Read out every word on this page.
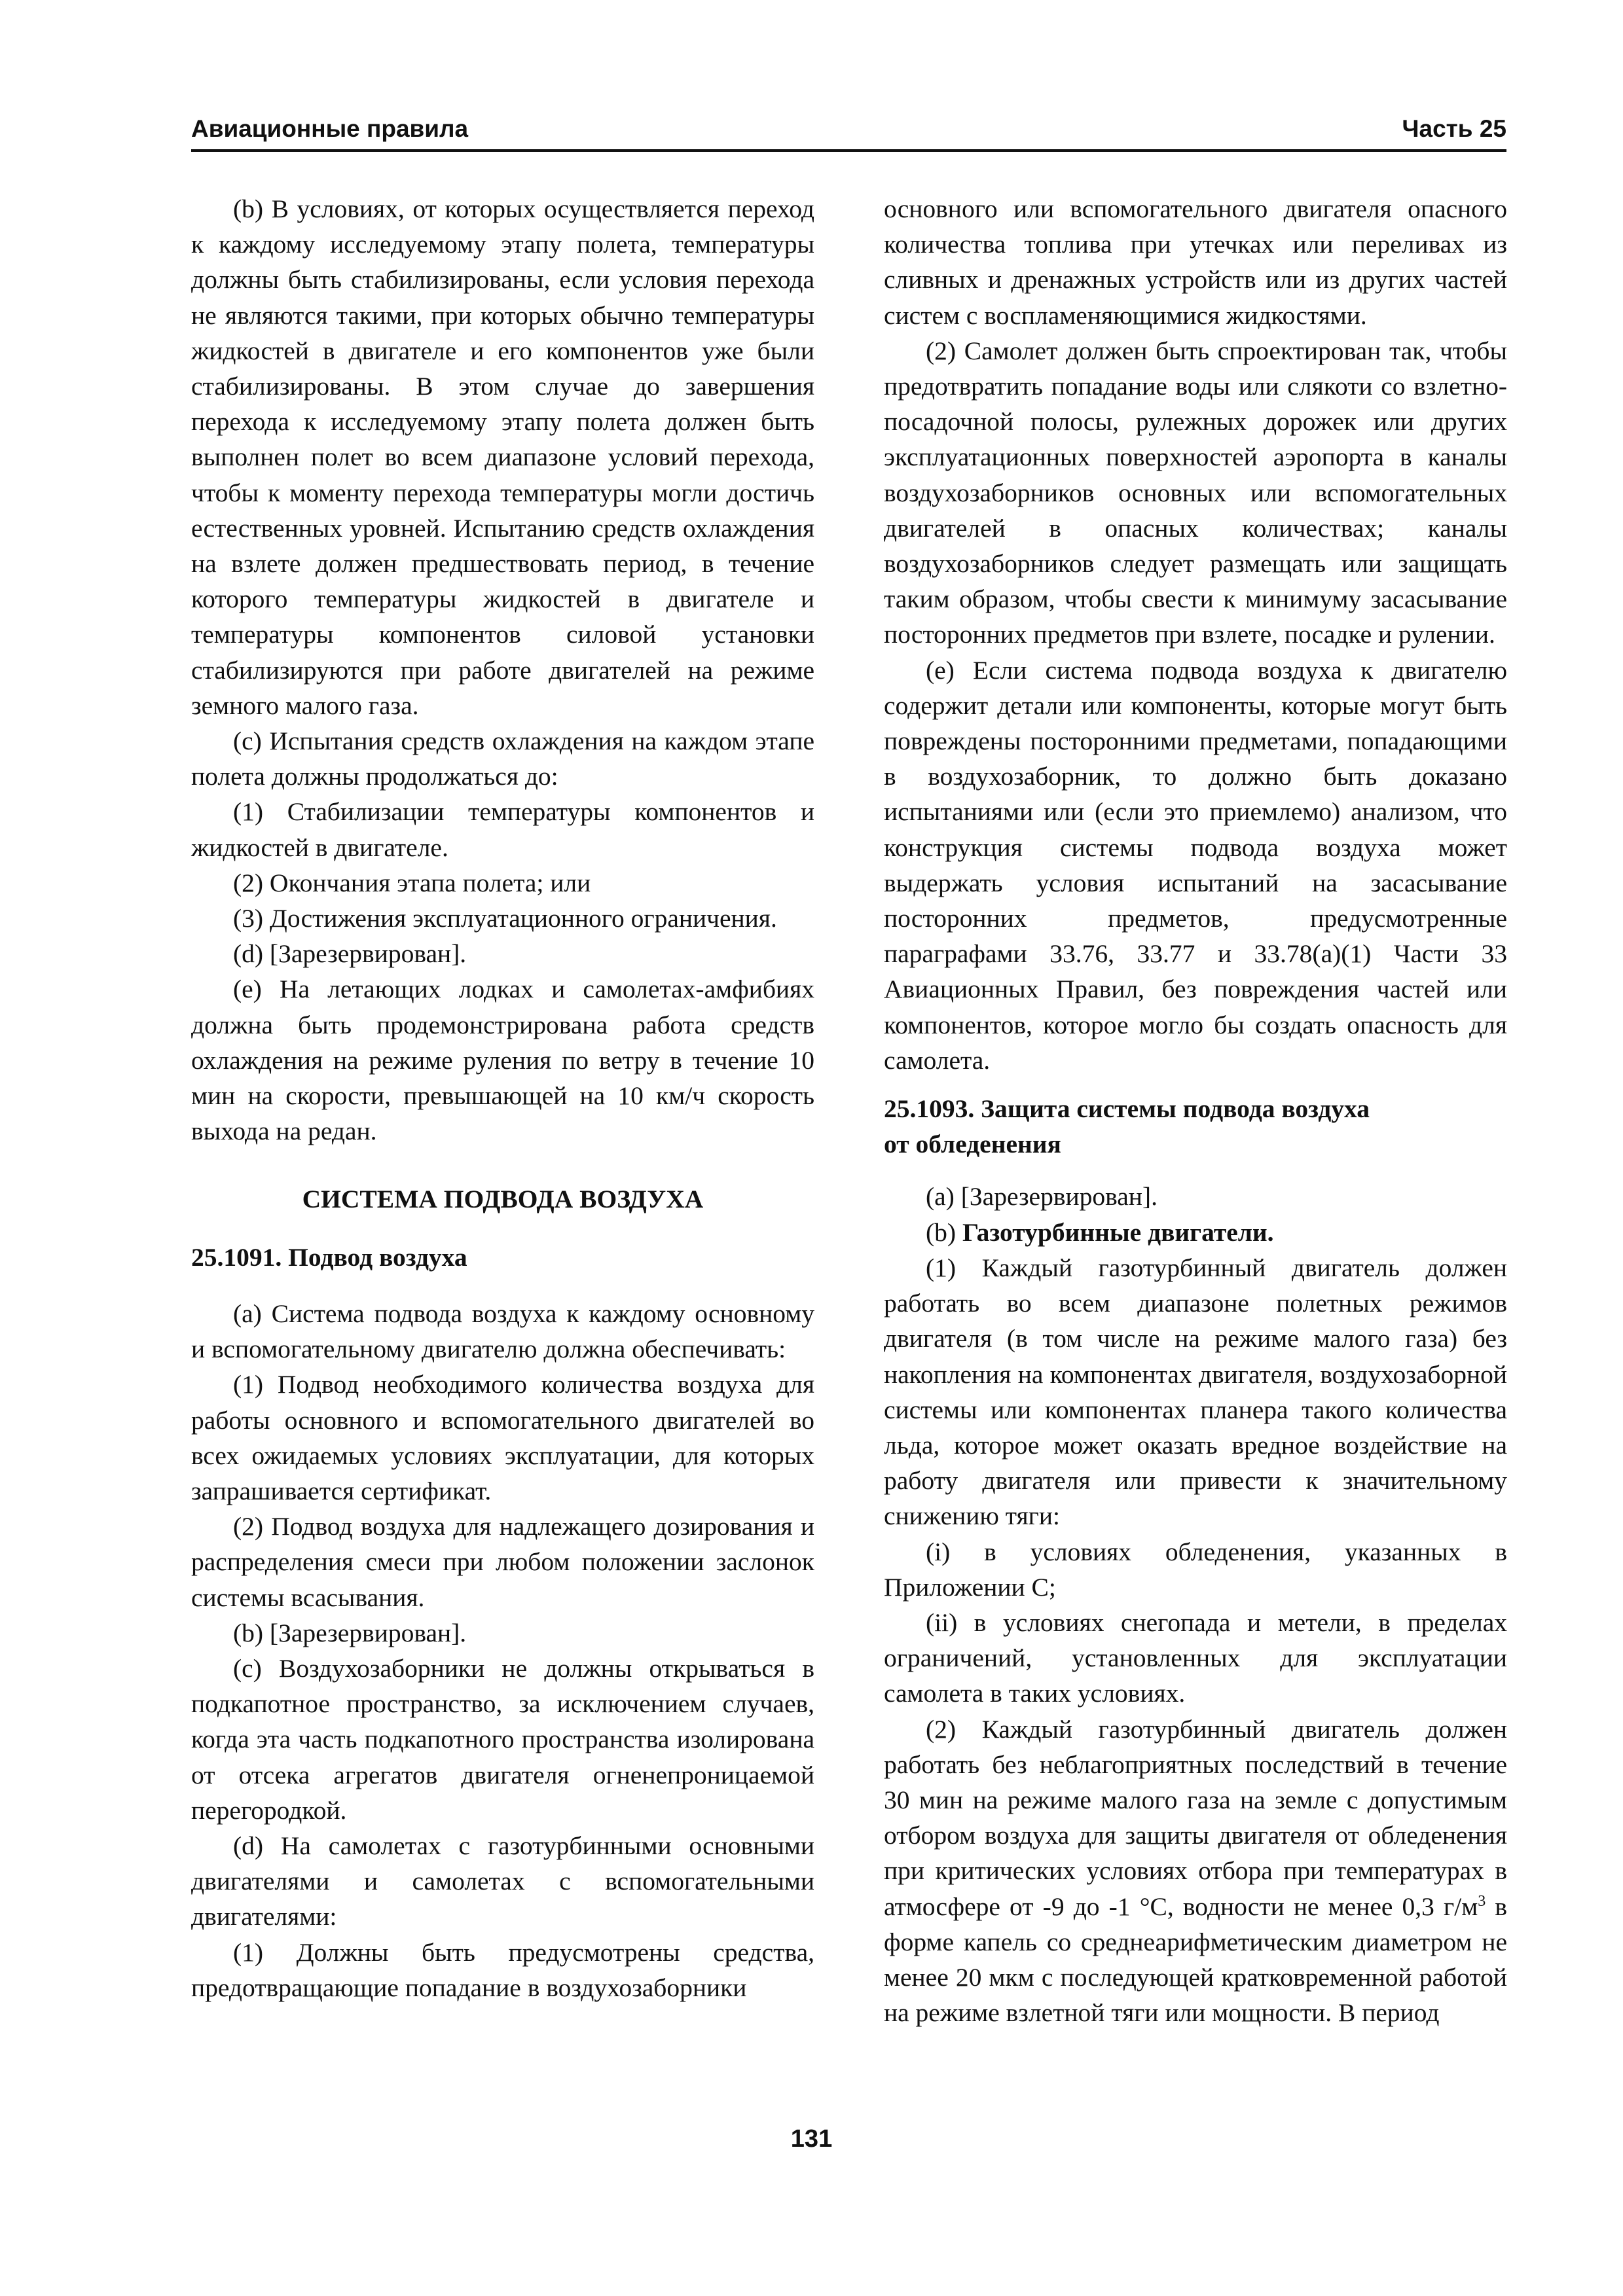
Авиационные правила	Часть 25

(b) В условиях, от которых осуществляется переход к каждому исследуемому этапу полета, температуры должны быть стабилизированы, если условия перехода не являются такими, при которых обычно температуры жидкостей в двигателе и его компонентов уже были стабилизированы. В этом случае до завершения перехода к исследуемому этапу полета должен быть выполнен полет во всем диапазоне условий перехода, чтобы к моменту перехода температуры могли достичь естественных уровней. Испытанию средств охлаждения на взлете должен предшествовать период, в течение которого температуры жидкостей в двигателе и температуры компонентов силовой установки стабилизируются при работе двигателей на режиме земного малого газа.

(c) Испытания средств охлаждения на каждом этапе полета должны продолжаться до:

(1) Стабилизации температуры компонентов и жидкостей в двигателе.

(2) Окончания этапа полета; или

(3) Достижения эксплуатационного ограничения.

(d) [Зарезервирован].

(e) На летающих лодках и самолетах-амфибиях должна быть продемонстрирована работа средств охлаждения на режиме руления по ветру в течение 10 мин на скорости, превышающей на 10 км/ч скорость выхода на редан.

СИСТЕМА ПОДВОДА ВОЗДУХА
25.1091. Подвод воздуха

(a) Система подвода воздуха к каждому основному и вспомогательному двигателю должна обеспечивать:

(1) Подвод необходимого количества воздуха для работы основного и вспомогательного двигателей во всех ожидаемых условиях эксплуатации, для которых запрашивается сертификат.

(2) Подвод воздуха для надлежащего дозирования и распределения смеси при любом положении заслонок системы всасывания.

(b) [Зарезервирован].

(c) Воздухозаборники не должны открываться в подкапотное пространство, за исключением случаев, когда эта часть подкапотного пространства изолирована от отсека агрегатов двигателя огненепроницаемой перегородкой.

(d) На самолетах с газотурбинными основными двигателями и самолетах с вспомогательными двигателями:

(1) Должны быть предусмотрены средства, предотвращающие попадание в воздухозаборники

основного или вспомогательного двигателя опасного количества топлива при утечках или переливах из сливных и дренажных устройств или из других частей систем с воспламеняющимися жидкостями.

(2) Самолет должен быть спроектирован так, чтобы предотвратить попадание воды или слякоти со взлетно-посадочной полосы, рулежных дорожек или других эксплуатационных поверхностей аэропорта в каналы воздухозаборников основных или вспомогательных двигателей в опасных количествах; каналы воздухозаборников следует размещать или защищать таким образом, чтобы свести к минимуму засасывание посторонних предметов при взлете, посадке и рулении.

(e) Если система подвода воздуха к двигателю содержит детали или компоненты, которые могут быть повреждены посторонними предметами, попадающими в воздухозаборник, то должно быть доказано испытаниями или (если это приемлемо) анализом, что конструкция системы подвода воздуха может выдержать условия испытаний на засасывание посторонних предметов, предусмотренные параграфами 33.76, 33.77 и 33.78(a)(1) Части 33 Авиационных Правил, без повреждения частей или компонентов, которое могло бы создать опасность для самолета.

25.1093. Защита системы подвода воздуха
от обледенения

(a) [Зарезервирован].

(b) Газотурбинные двигатели.

(1) Каждый газотурбинный двигатель должен работать во всем диапазоне полетных режимов двигателя (в том числе на режиме малого газа) без накопления на компонентах двигателя, воздухозаборной системы или компонентах планера такого количества льда, которое может оказать вредное воздействие на работу двигателя или привести к значительному снижению тяги:

(i) в условиях обледенения, указанных в Приложении C;

(ii) в условиях снегопада и метели, в пределах ограничений, установленных для эксплуатации самолета в таких условиях.

(2) Каждый газотурбинный двигатель должен работать без неблагоприятных последствий в течение 30 мин на режиме малого газа на земле с допустимым отбором воздуха для защиты двигателя от обледенения при критических условиях отбора при температурах в атмосфере от -9 до -1 °С, водности не менее 0,3 $г/м^3$ в форме капель со среднеарифметическим диаметром не менее 20 мкм с последующей кратковременной работой на режиме взлетной тяги или мощности. В период

131
